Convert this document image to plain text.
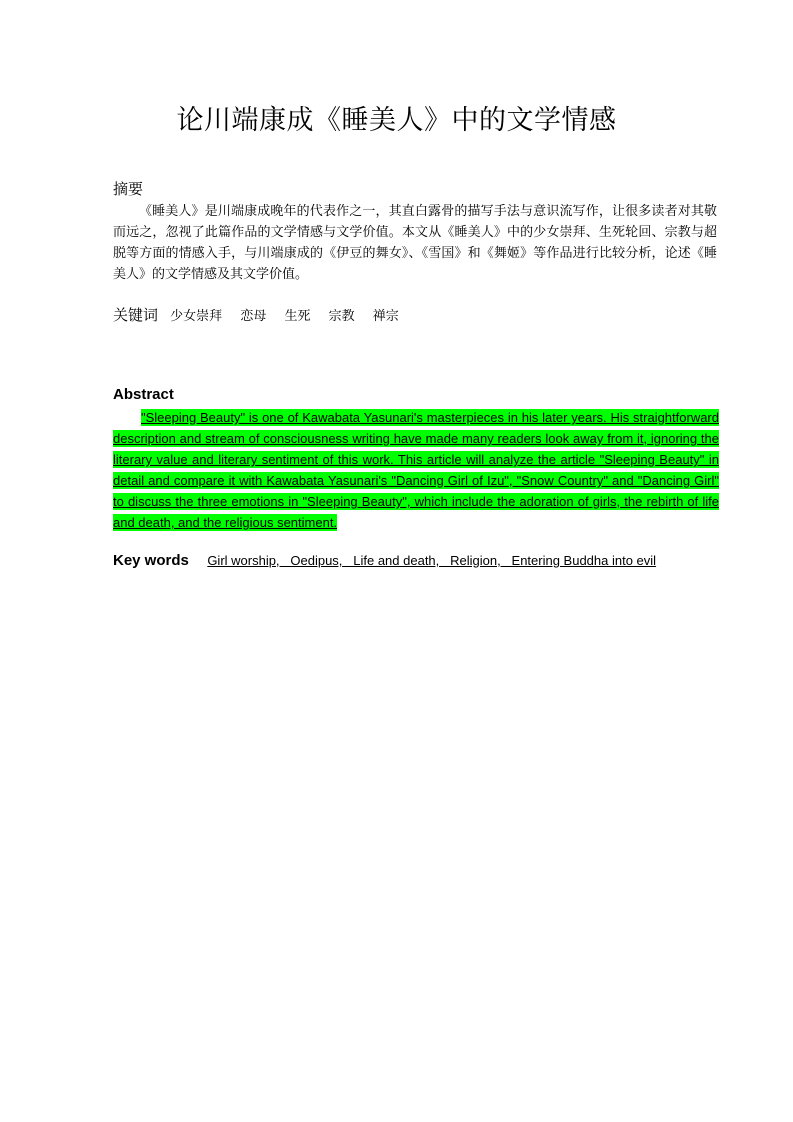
论川端康成《睡美人》中的文学情感
摘要
《睡美人》是川端康成晚年的代表作之一，其直白露骨的描写手法与意识流写作，让很多读者对其敬而远之，忽视了此篇作品的文学情感与文学价值。本文从《睡美人》中的少女崇拜、生死轮回、宗教与超脱等方面的情感入手，与川端康成的《伊豆的舞女》、《雪国》和《舞姬》等作品进行比较分析，论述《睡美人》的文学情感及其文学价值。
关键词 少女崇拜 恋母 生死 宗教 禅宗
Abstract
"Sleeping Beauty" is one of Kawabata Yasunari's masterpieces in his later years. His straightforward description and stream of consciousness writing have made many readers look away from it, ignoring the literary value and literary sentiment of this work. This article will analyze the article "Sleeping Beauty" in detail and compare it with Kawabata Yasunari's "Dancing Girl of Izu", "Snow Country" and "Dancing Girl" to discuss the three emotions in "Sleeping Beauty", which include the adoration of girls, the rebirth of life and death, and the religious sentiment.
Key words Girl worship,   Oedipus,   Life and death,   Religion,   Entering Buddha into evil
